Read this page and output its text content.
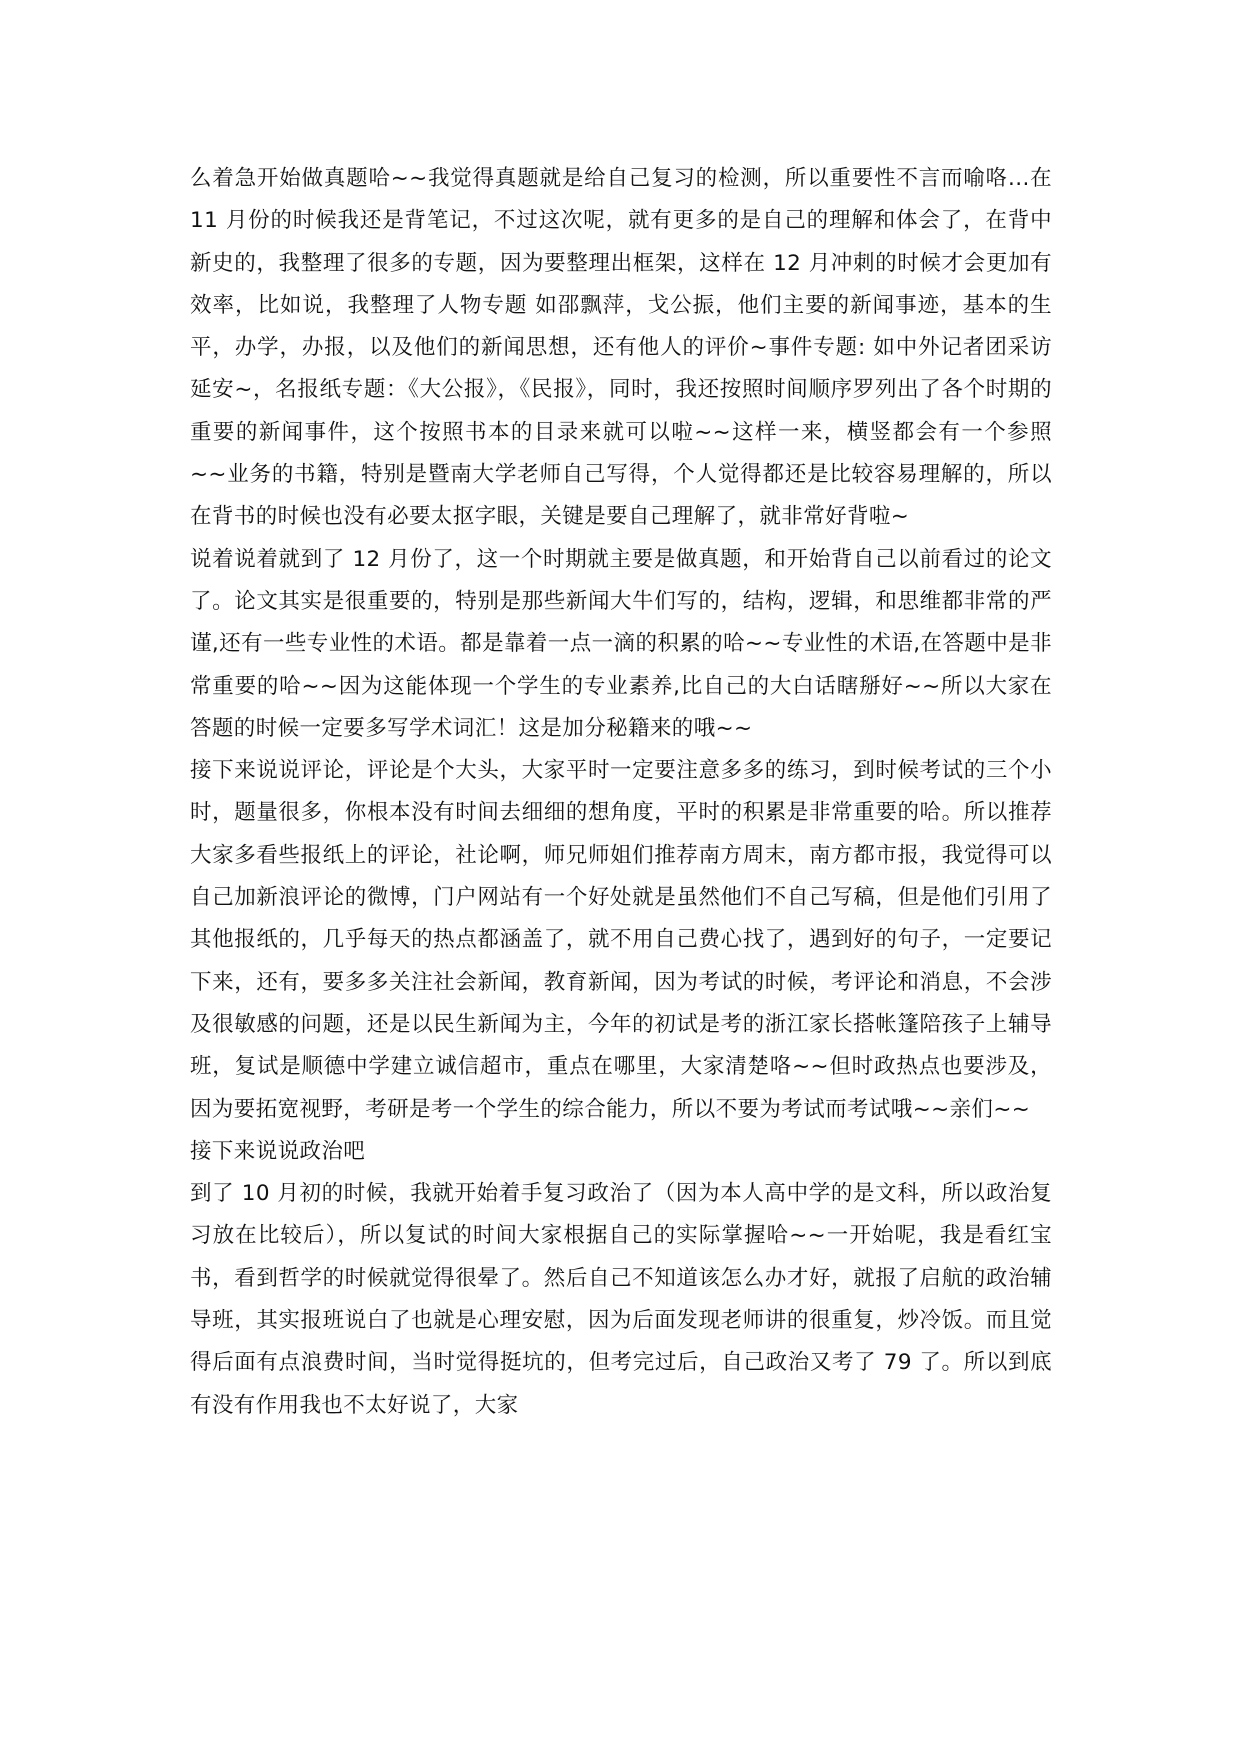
么着急开始做真题哈~~我觉得真题就是给自己复习的检测，所以重要性不言而喻咯...在 11 月份的时候我还是背笔记，不过这次呢，就有更多的是自己的理解和体会了，在背中新史的，我整理了很多的专题，因为要整理出框架，这样在 12 月冲刺的时候才会更加有效率，比如说，我整理了人物专题 如邵飘萍，戈公振，他们主要的新闻事迹，基本的生平，办学，办报，以及他们的新闻思想，还有他人的评价~事件专题: 如中外记者团采访延安~，名报纸专题：《大公报》，《民报》，同时，我还按照时间顺序罗列出了各个时期的重要的新闻事件，这个按照书本的目录来就可以啦~~这样一来，横竖都会有一个参照~~业务的书籍，特别是暨南大学老师自己写得，个人觉得都还是比较容易理解的，所以在背书的时候也没有必要太抠字眼，关键是要自己理解了，就非常好背啦~

说着说着就到了 12 月份了，这一个时期就主要是做真题，和开始背自己以前看过的论文了。论文其实是很重要的，特别是那些新闻大牛们写的，结构，逻辑，和思维都非常的严谨,还有一些专业性的术语。都是靠着一点一滴的积累的哈~~专业性的术语,在答题中是非常重要的哈~~因为这能体现一个学生的专业素养,比自己的大白话瞎掰好~~所以大家在答题的时候一定要多写学术词汇！这是加分秘籍来的哦~~

接下来说说评论，评论是个大头，大家平时一定要注意多多的练习，到时候考试的三个小时，题量很多，你根本没有时间去细细的想角度，平时的积累是非常重要的哈。所以推荐大家多看些报纸上的评论，社论啊，师兄师姐们推荐南方周末，南方都市报，我觉得可以自己加新浪评论的微博，门户网站有一个好处就是虽然他们不自己写稿，但是他们引用了其他报纸的，几乎每天的热点都涵盖了，就不用自己费心找了，遇到好的句子，一定要记下来，还有，要多多关注社会新闻，教育新闻，因为考试的时候，考评论和消息，不会涉及很敏感的问题，还是以民生新闻为主，今年的初试是考的浙江家长搭帐篷陪孩子上辅导班，复试是顺德中学建立诚信超市，重点在哪里，大家清楚咯~~但时政热点也要涉及，因为要拓宽视野，考研是考一个学生的综合能力，所以不要为考试而考试哦~~亲们~~

接下来说说政治吧

到了 10 月初的时候，我就开始着手复习政治了（因为本人高中学的是文科，所以政治复习放在比较后），所以复试的时间大家根据自己的实际掌握哈~~一开始呢，我是看红宝书，看到哲学的时候就觉得很晕了。然后自己不知道该怎么办才好，就报了启航的政治辅导班，其实报班说白了也就是心理安慰，因为后面发现老师讲的很重复，炒冷饭。而且觉得后面有点浪费时间，当时觉得挺坑的，但考完过后，自己政治又考了 79 了。所以到底有没有作用我也不太好说了，大家
